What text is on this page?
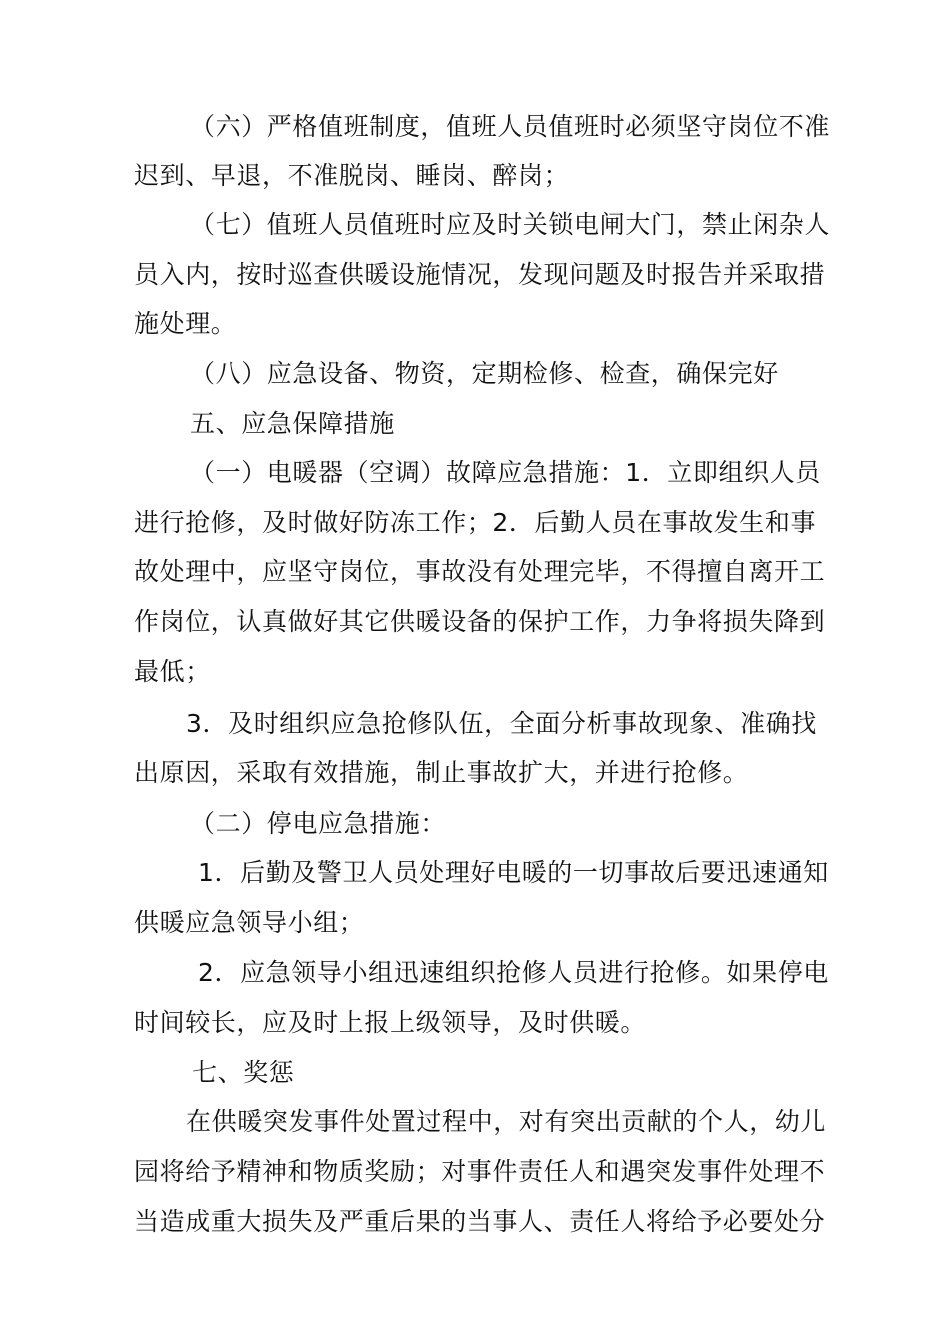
（六）严格值班制度，值班人员值班时必须坚守岗位不准
迟到、早退，不准脱岗、睡岗、醉岗；
（七）值班人员值班时应及时关锁电闸大门，禁止闲杂人
员入内，按时巡查供暖设施情况，发现问题及时报告并采取措
施处理。
（八）应急设备、物资，定期检修、检查，确保完好
五、应急保障措施
（一）电暖器（空调）故障应急措施：1．立即组织人员
进行抢修，及时做好防冻工作；2．后勤人员在事故发生和事
故处理中，应坚守岗位，事故没有处理完毕，不得擅自离开工
作岗位，认真做好其它供暖设备的保护工作，力争将损失降到
最低；
3．及时组织应急抢修队伍，全面分析事故现象、准确找
出原因，采取有效措施，制止事故扩大，并进行抢修。
（二）停电应急措施：
1．后勤及警卫人员处理好电暖的一切事故后要迅速通知
供暖应急领导小组；
2．应急领导小组迅速组织抢修人员进行抢修。如果停电
时间较长，应及时上报上级领导，及时供暖。
七、奖惩
在供暖突发事件处置过程中，对有突出贡献的个人，幼儿
园将给予精神和物质奖励；对事件责任人和遇突发事件处理不
当造成重大损失及严重后果的当事人、责任人将给予必要处分
